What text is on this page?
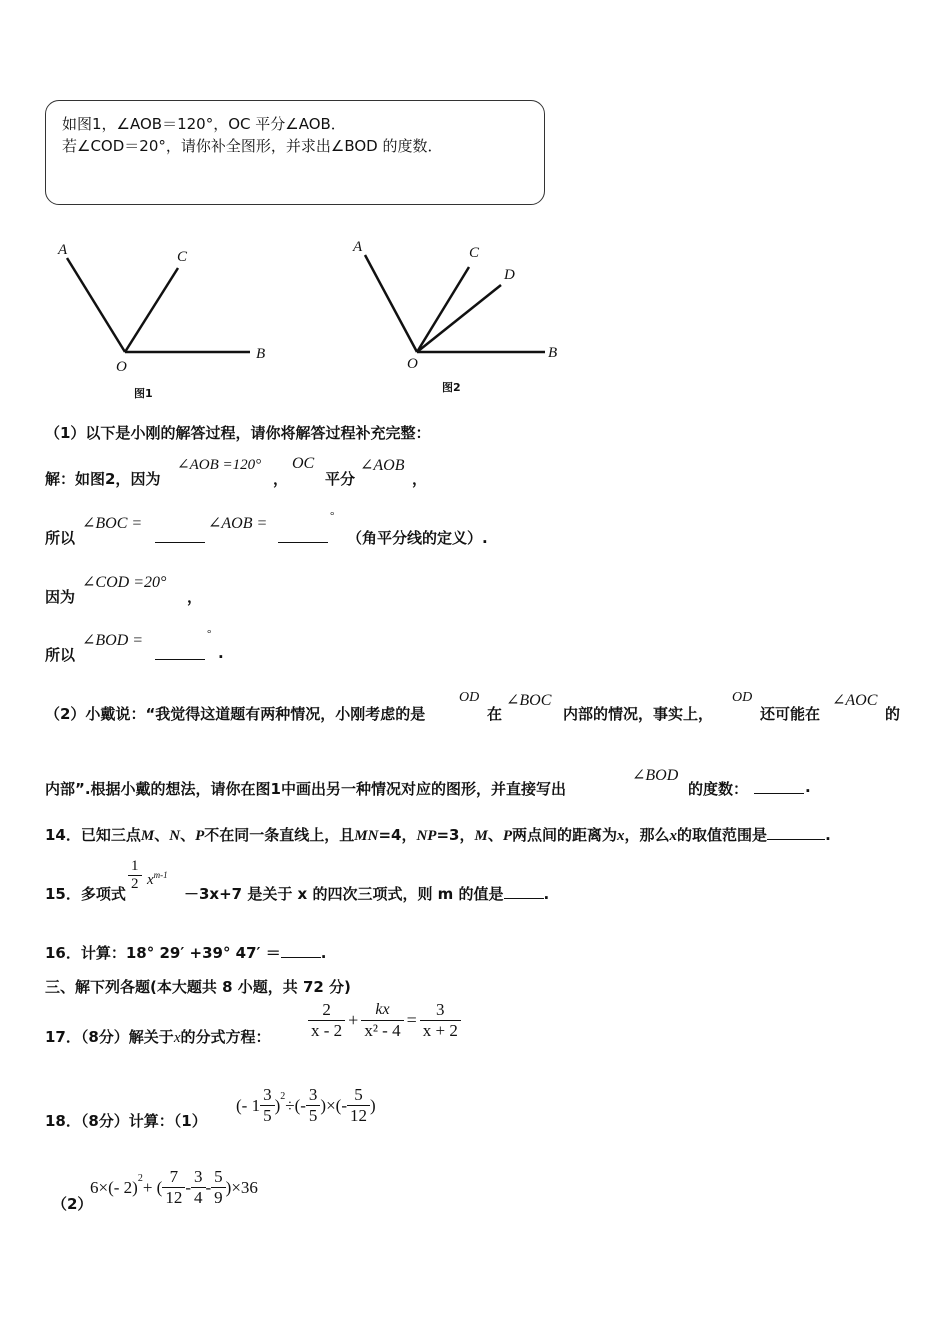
如图1，∠AOB＝120°，OC 平分∠AOB．
若∠COD＝20°，请你补全图形，并求出∠BOD 的度数．
A	C
O
B
A	C
D
O
B
图1	图2
（1）以下是小刚的解答过程，请你将解答过程补充完整：
解：如图2，因为
∠AOB =120°
，
OC
平分
∠AOB
，
所以
∠BOC =	∠AOB =	°
（角平分线的定义）.
因为
∠COD =20°
，
所以
∠BOD =	°
.
（2）小戴说：“我觉得这道题有两种情况，小刚考虑的是
OD
在
∠BOC
内部的情况，事实上，
OD
还可能在
∠AOC
的
内部”.根据小戴的想法，请你在图1中画出另一种情况对应的图形，并直接写出
∠BOD
的度数：	.
14．已知三点M、N、P不在同一条直线上，且MN=4，NP=3，M、P两点间的距离为x，那么x的取值范围是	.
15．多项式
$\frac{1}{2} x^{m-1}$
－3x+7 是关于 x 的四次三项式，则 m 的值是	.
16．计算：18° 29′ +39° 47′ ＝	.
三、解下列各题(本大题共 8 小题，共 72 分)
17．（8分）解关于x的分式方程： $\frac{2}{x - 2} + \frac{kx}{\text{x² - 4}} = \frac{3}{x + 2}$
18．（8分）计算：（1）
(- $1 \frac{3}{5} )^2$ ÷(- $\frac{3}{5}$ )×(- $\frac{5}{12}$ )
（2）
6×(- 2)$^2$ + ( $\frac{7}{12} - \frac{3}{4} - \frac{5}{9} )\times 36$
